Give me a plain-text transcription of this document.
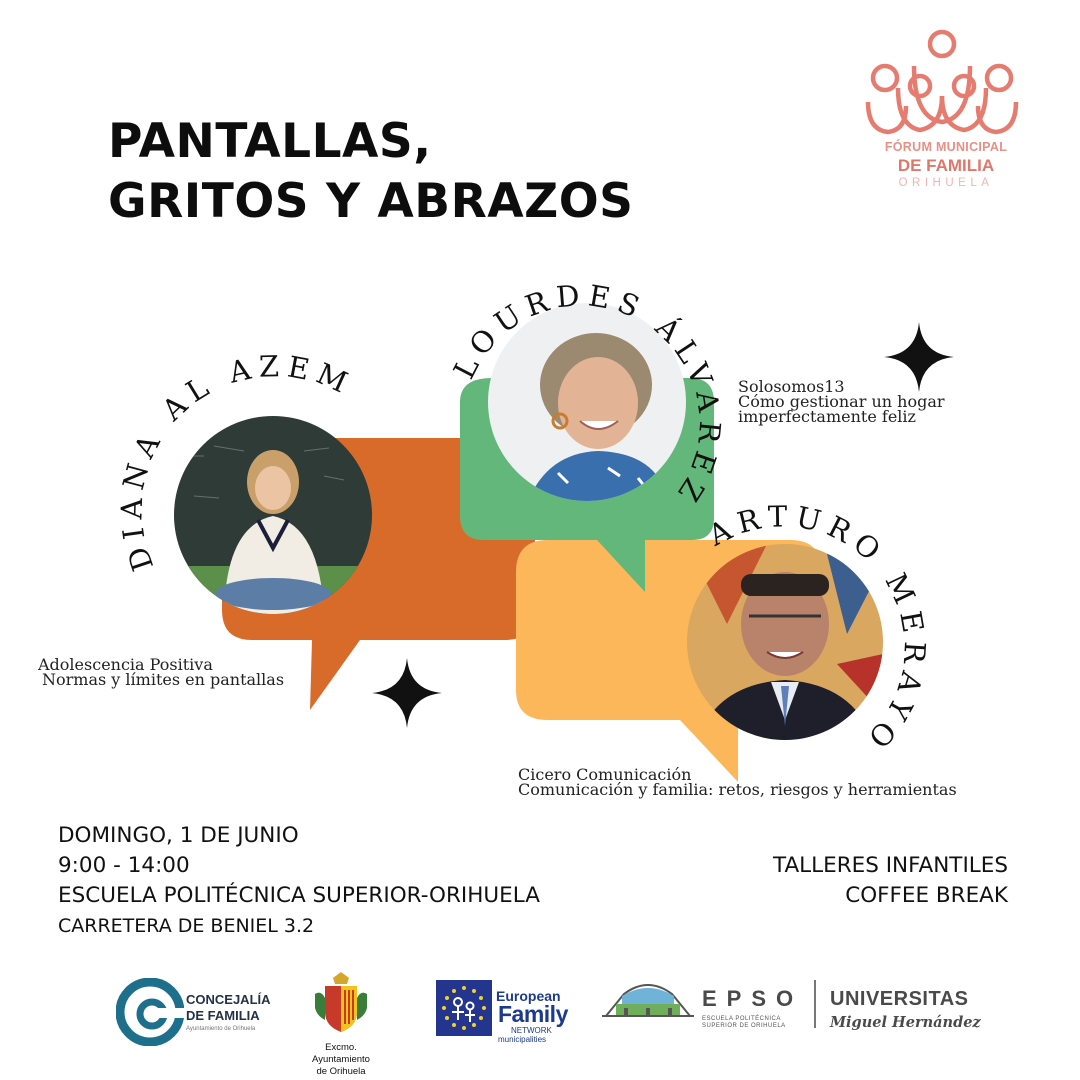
PANTALLAS,
GRITOS Y ABRAZOS
FÓRUM MUNICIPAL
DE FAMILIA
ORIHUELA
DIANA AL AZEM	LOURDES ÁLVAREZ
ARTURO MERAYO
Adolescencia Positiva
Normas y límites en pantallas
Solosomos13
Cómo gestionar un hogar
imperfectamente feliz
Cicero Comunicación
Comunicación y familia: retos, riesgos y herramientas
DOMINGO, 1 DE JUNIO
9:00 - 14:00
ESCUELA POLITÉCNICA SUPERIOR-ORIHUELA
CARRETERA DE BENIEL 3.2
TALLERES INFANTILES
COFFEE BREAK
CONCEJALÍA
DE FAMILIA
Ayuntamiento de Orihuela
Excmo. Ayuntamiento
de Orihuela
European
Family
NETWORK
municipalities
EPSO
ESCUELA POLITÉCNICA
SUPERIOR DE ORIHUELA
UNIVERSITAS
Miguel Hernández
